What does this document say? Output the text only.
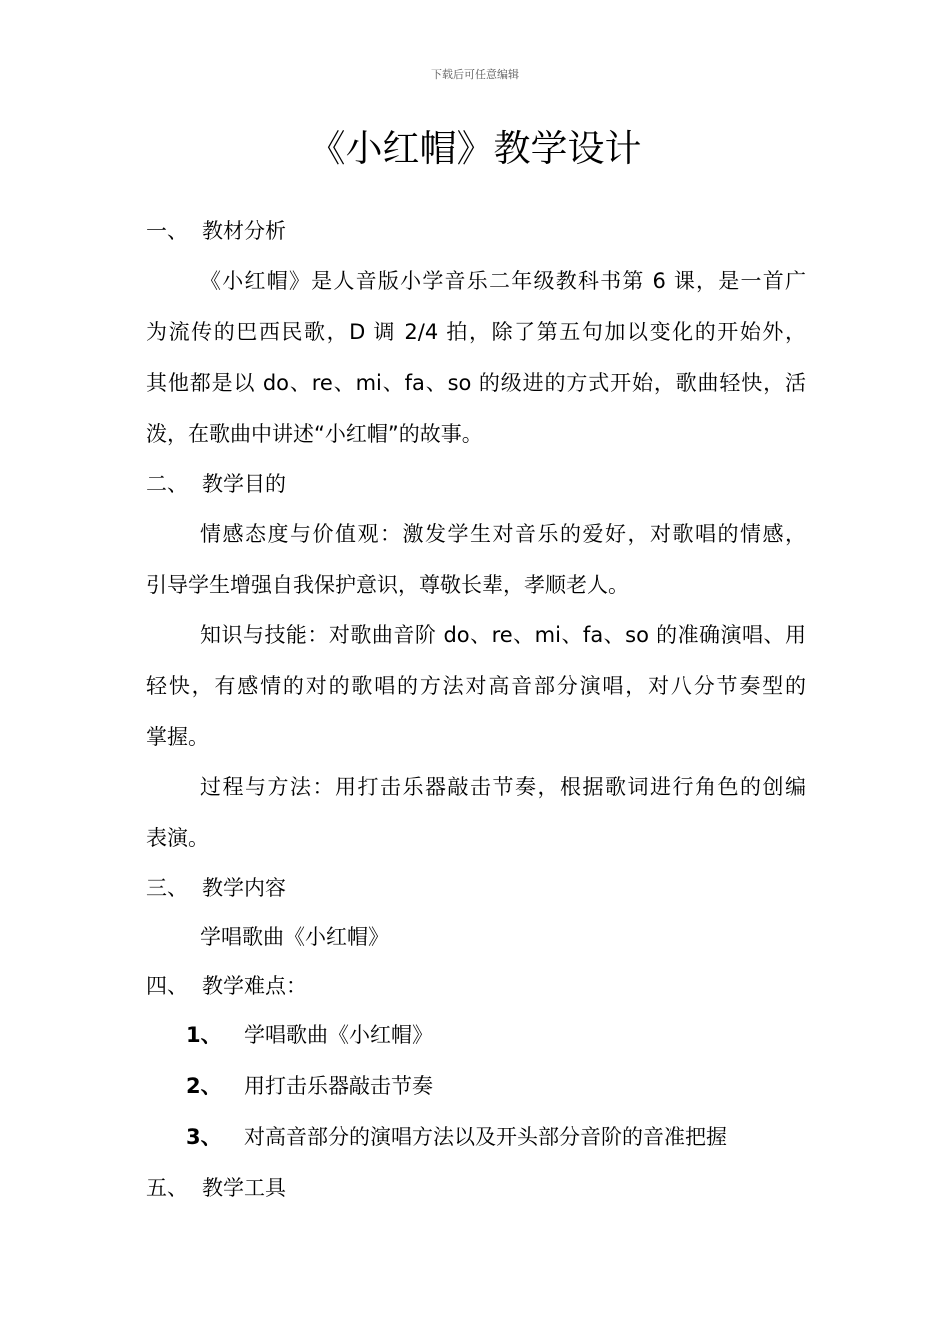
下载后可任意编辑
《小红帽》教学设计
一、 教材分析
《小红帽》是人音版小学音乐二年级教科书第 6 课，是一首广
为流传的巴西民歌，D 调 2/4 拍，除了第五句加以变化的开始外，
其他都是以 do、re、mi、fa、so 的级进的方式开始，歌曲轻快，活
泼，在歌曲中讲述“小红帽”的故事。
二、 教学目的
情感态度与价值观：激发学生对音乐的爱好，对歌唱的情感，
引导学生增强自我保护意识，尊敬长辈，孝顺老人。
知识与技能：对歌曲音阶 do、re、mi、fa、so 的准确演唱、用
轻快，有感情的对的歌唱的方法对高音部分演唱，对八分节奏型的
掌握。
过程与方法：用打击乐器敲击节奏，根据歌词进行角色的创编
表演。
三、 教学内容
学唱歌曲《小红帽》
四、 教学难点：
1、 学唱歌曲《小红帽》
2、 用打击乐器敲击节奏
3、 对高音部分的演唱方法以及开头部分音阶的音准把握
五、 教学工具
